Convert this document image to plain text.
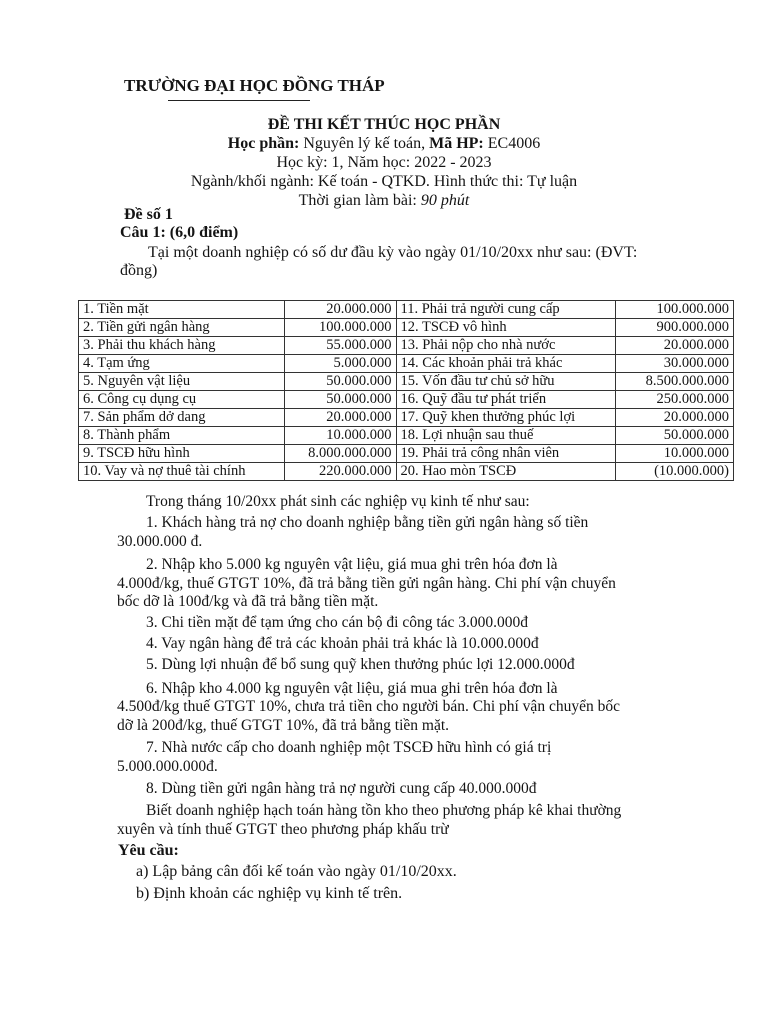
TRƯỜNG ĐẠI HỌC ĐỒNG THÁP
ĐỀ THI KẾT THÚC HỌC PHẦN
Học phần: Nguyên lý kế toán, Mã HP: EC4006
Học kỳ: 1, Năm học: 2022 - 2023
Ngành/khối ngành: Kế toán - QTKD. Hình thức thi: Tự luận
Thời gian làm bài: 90 phút
Đề số 1
Câu 1: (6,0 điểm)
Tại một doanh nghiệp có số dư đầu kỳ vào ngày 01/10/20xx như sau: (ĐVT:
đồng)
1. Tiền mặt	20.000.000	11. Phải trả người cung cấp	100.000.000
2. Tiền gửi ngân hàng	100.000.000	12. TSCĐ vô hình	900.000.000
3. Phải thu khách hàng	55.000.000	13. Phải nộp cho nhà nước	20.000.000
4. Tạm ứng	5.000.000	14. Các khoản phải trả khác	30.000.000
5. Nguyên vật liệu	50.000.000	15. Vốn đầu tư chủ sở hữu	8.500.000.000
6. Công cụ dụng cụ	50.000.000	16. Quỹ đầu tư phát triển	250.000.000
7. Sản phẩm dở dang	20.000.000	17. Quỹ khen thưởng phúc lợi	20.000.000
8. Thành phẩm	10.000.000	18. Lợi nhuận sau thuế	50.000.000
9. TSCĐ hữu hình	8.000.000.000	19. Phải trả công nhân viên	10.000.000
10. Vay và nợ thuê tài chính	220.000.000	20. Hao mòn TSCĐ	(10.000.000)
Trong tháng 10/20xx phát sinh các nghiệp vụ kinh tế như sau:
1. Khách hàng trả nợ cho doanh nghiệp bằng tiền gửi ngân hàng số tiền
30.000.000 đ.
2. Nhập kho 5.000 kg nguyên vật liệu, giá mua ghi trên hóa đơn là
4.000đ/kg, thuế GTGT 10%, đã trả bằng tiền gửi ngân hàng. Chi phí vận chuyển
bốc dỡ là 100đ/kg và đã trả bằng tiền mặt.
3. Chi tiền mặt để tạm ứng cho cán bộ đi công tác 3.000.000đ
4. Vay ngân hàng để trả các khoản phải trả khác là 10.000.000đ
5. Dùng lợi nhuận để bổ sung quỹ khen thưởng phúc lợi 12.000.000đ
6. Nhập kho 4.000 kg nguyên vật liệu, giá mua ghi trên hóa đơn là
4.500đ/kg thuế GTGT 10%, chưa trả tiền cho người bán. Chi phí vận chuyển bốc
dỡ là 200đ/kg, thuế GTGT 10%, đã trả bằng tiền mặt.
7. Nhà nước cấp cho doanh nghiệp một TSCĐ hữu hình có giá trị
5.000.000.000đ.
8. Dùng tiền gửi ngân hàng trả nợ người cung cấp 40.000.000đ
Biết doanh nghiệp hạch toán hàng tồn kho theo phương pháp kê khai thường
xuyên và tính thuế GTGT theo phương pháp khấu trừ
Yêu cầu:
a) Lập bảng cân đối kế toán vào ngày 01/10/20xx.
b) Định khoản các nghiệp vụ kinh tế trên.
